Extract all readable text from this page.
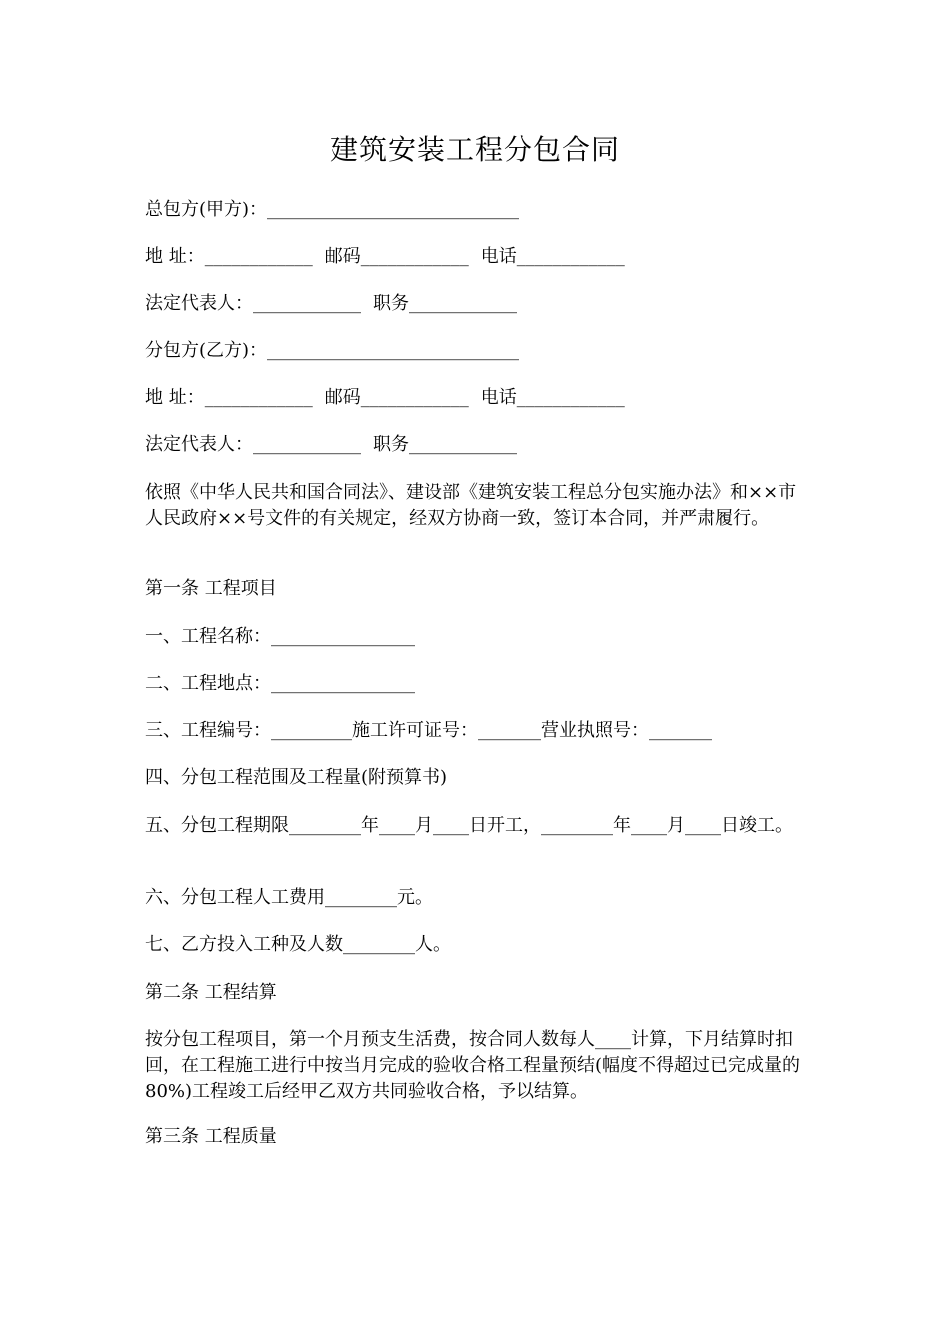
建筑安装工程分包合同
总包方(甲方)：____________________________
地 址：____________ 邮码____________ 电话____________
法定代表人：____________ 职务____________
分包方(乙方)：____________________________
地 址：____________ 邮码____________ 电话____________
法定代表人：____________ 职务____________
依照《中华人民共和国合同法》、建设部《建筑安装工程总分包实施办法》和××市人民政府××号文件的有关规定，经双方协商一致，签订本合同，并严肃履行。
第一条 工程项目
一、工程名称：________________
二、工程地点：________________
三、工程编号：_________施工许可证号：_______营业执照号：_______
四、分包工程范围及工程量(附预算书)
五、分包工程期限________年____月____日开工，________年____月____日竣工。
六、分包工程人工费用________元。
七、乙方投入工种及人数________人。
第二条 工程结算
按分包工程项目，第一个月预支生活费，按合同人数每人____计算，下月结算时扣回，在工程施工进行中按当月完成的验收合格工程量预结(幅度不得超过已完成量的80%)工程竣工后经甲乙双方共同验收合格，予以结算。
第三条 工程质量
